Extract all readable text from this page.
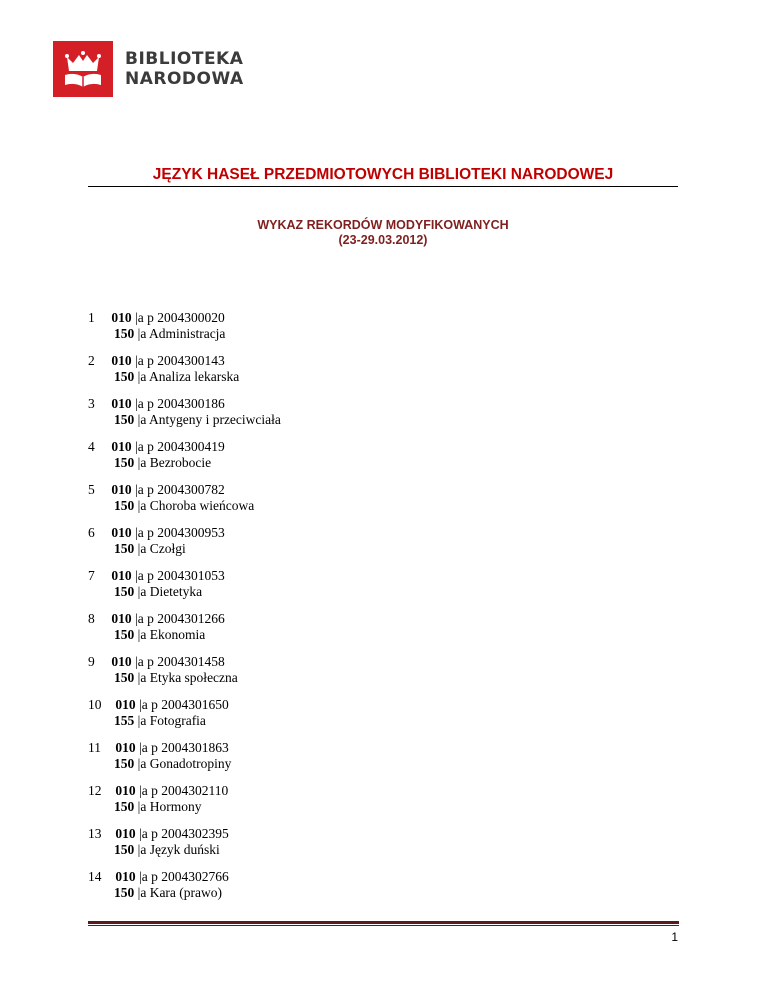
BIBLIOTEKA
NARODOWA
JĘZYK HASEŁ PRZEDMIOTOWYCH BIBLIOTEKI NARODOWEJ
WYKAZ REKORDÓW MODYFIKOWANYCH
(23-29.03.2012)
1 010 |a p 2004300020
150 |a Administracja
2 010 |a p 2004300143
150 |a Analiza lekarska
3 010 |a p 2004300186
150 |a Antygeny i przeciwciała
4 010 |a p 2004300419
150 |a Bezrobocie
5 010 |a p 2004300782
150 |a Choroba wieńcowa
6 010 |a p 2004300953
150 |a Czołgi
7 010 |a p 2004301053
150 |a Dietetyka
8 010 |a p 2004301266
150 |a Ekonomia
9 010 |a p 2004301458
150 |a Etyka społeczna
10 010 |a p 2004301650
155 |a Fotografia
11 010 |a p 2004301863
150 |a Gonadotropiny
12 010 |a p 2004302110
150 |a Hormony
13 010 |a p 2004302395
150 |a Język duński
14 010 |a p 2004302766
150 |a Kara (prawo)
1
